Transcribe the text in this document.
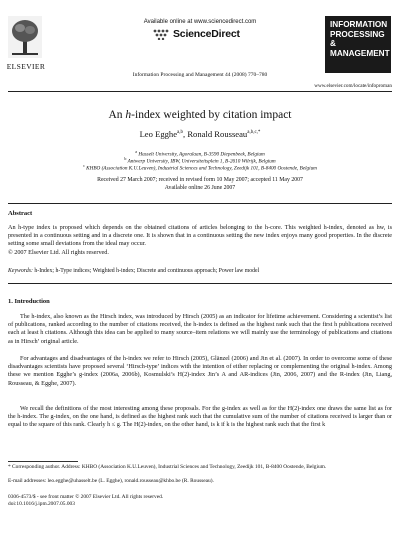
ELSEVIER
Available online at www.sciencedirect.com
ScienceDirect
Information Processing and Management 44 (2008) 770–780
INFORMATION
PROCESSING
&
MANAGEMENT
www.elsevier.com/locate/infoproman
An h-index weighted by citation impact
Leo Egghe$^{a,b}$, Ronald Rousseau$^{a,b,c,*}$
$^a$ Hasselt University, Agoralaan, B-3590 Diepenbeek, Belgium
$^b$ Antwerp University, IBW, Universiteitsplein 1, B-2610 Wilrijk, Belgium
$^c$ KHBO (Association K.U.Leuven), Industrial Sciences and Technology, Zeedijk 101, B-8400 Oostende, Belgium
Received 27 March 2007; received in revised form 10 May 2007; accepted 11 May 2007
Available online 26 June 2007
Abstract

An h-type index is proposed which depends on the obtained citations of articles belonging to the h-core. This weighted h-index, denoted as hw, is presented in a continuous setting and in a discrete one. It is shown that in a continuous setting the new index enjoys many good properties. In the discrete setting some small deviations from the ideal may occur.
© 2007 Elsevier Ltd. All rights reserved.

Keywords: h-Index; h-Type indices; Weighted h-index; Discrete and continuous approach; Power law model
1. Introduction

The h-index, also known as the Hirsch index, was introduced by Hirsch (2005) as an indicator for lifetime achievement. Considering a scientist’s list of publications, ranked according to the number of citations received, the h-index is defined as the highest rank such that the first h publications received each at least h citations. Although this idea can be applied to many source–item relations we will mainly use the terminology of publications and citations as in Hirsch’ original article.

For advantages and disadvantages of the h-index we refer to Hirsch (2005), Glänzel (2006) and Jin et al. (2007). In order to overcome some of these disadvantages scientists have proposed several ‘Hirsch-type’ indices with the intention of either replacing or complementing the original h-index. Among these we mention Egghe’s g-index (2006a, 2006b), Kosmulski’s H(2)-index Jin’s A and AR-indices (Jin, 2006, 2007) and the R-index (Jin, Liang, Rousseau, & Egghe, 2007).

We recall the definitions of the most interesting among these proposals. For the g-index as well as for the H(2)-index one draws the same list as for the h-index. The g-index, on the one hand, is defined as the highest rank such that the cumulative sum of the number of citations received is larger than or equal to the square of this rank. Clearly h ≤ g. The H(2)-index, on the other hand, is k if k is the highest rank such that the first k

* Corresponding author. Address: KHBO (Association K.U.Leuven), Industrial Sciences and Technology, Zeedijk 101, B-8400 Oostende, Belgium.
E-mail addresses: leo.egghe@uhasselt.be (L. Egghe), ronald.rousseau@khbo.be (R. Rousseau).
0306-4573/$ - see front matter © 2007 Elsevier Ltd. All rights reserved.
doi:10.1016/j.ipm.2007.05.003
